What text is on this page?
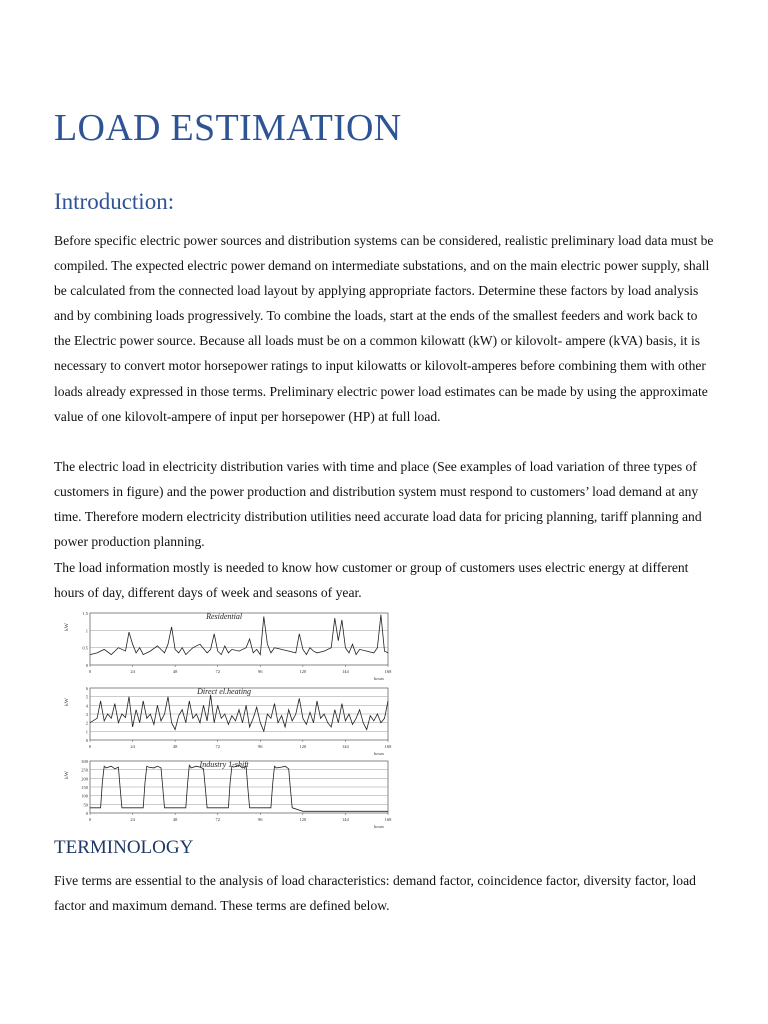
LOAD ESTIMATION
Introduction:

Before specific electric power sources and distribution systems can be considered, realistic preliminary load data must be compiled. The expected electric power demand on intermediate substations, and on the main electric power supply, shall be calculated from the connected load layout by applying appropriate factors. Determine these factors by load analysis and by combining loads progressively. To combine the loads, start at the ends of the smallest feeders and work back to the Electric power source. Because all loads must be on a common kilowatt (kW) or kilovolt- ampere (kVA) basis, it is necessary to convert motor horsepower ratings to input kilowatts or kilovolt-amperes before combining them with other loads already expressed in those terms. Preliminary electric power load estimates can be made by using the approximate value of one kilovolt-ampere of input per horsepower (HP) at full load.

The electric load in electricity distribution varies with time and place (See examples of load variation of three types of customers in figure) and the power production and distribution system must respond to customers’ load demand at any time. Therefore modern electricity distribution utilities need accurate load data for pricing planning, tariff planning and power production planning.

The load information mostly is needed to know how customer or group of customers uses electric energy at different hours of day, different days of week and seasons of year.

0
0.5
1
1.5
kW
0	24	48	72	96	120	144	168
hours
Residential
0
1
2
3
4
5
6
kW
0	24	48	72	96	120	144	168
hours
Direct el.heating
0
50
100
150
200
250
300
kW
0	24	48	72	96	120	144	168
hours
Industry 1-shift
TERMINOLOGY

Five terms are essential to the analysis of load characteristics: demand factor, coincidence factor, diversity factor, load factor and maximum demand. These terms are defined below.
